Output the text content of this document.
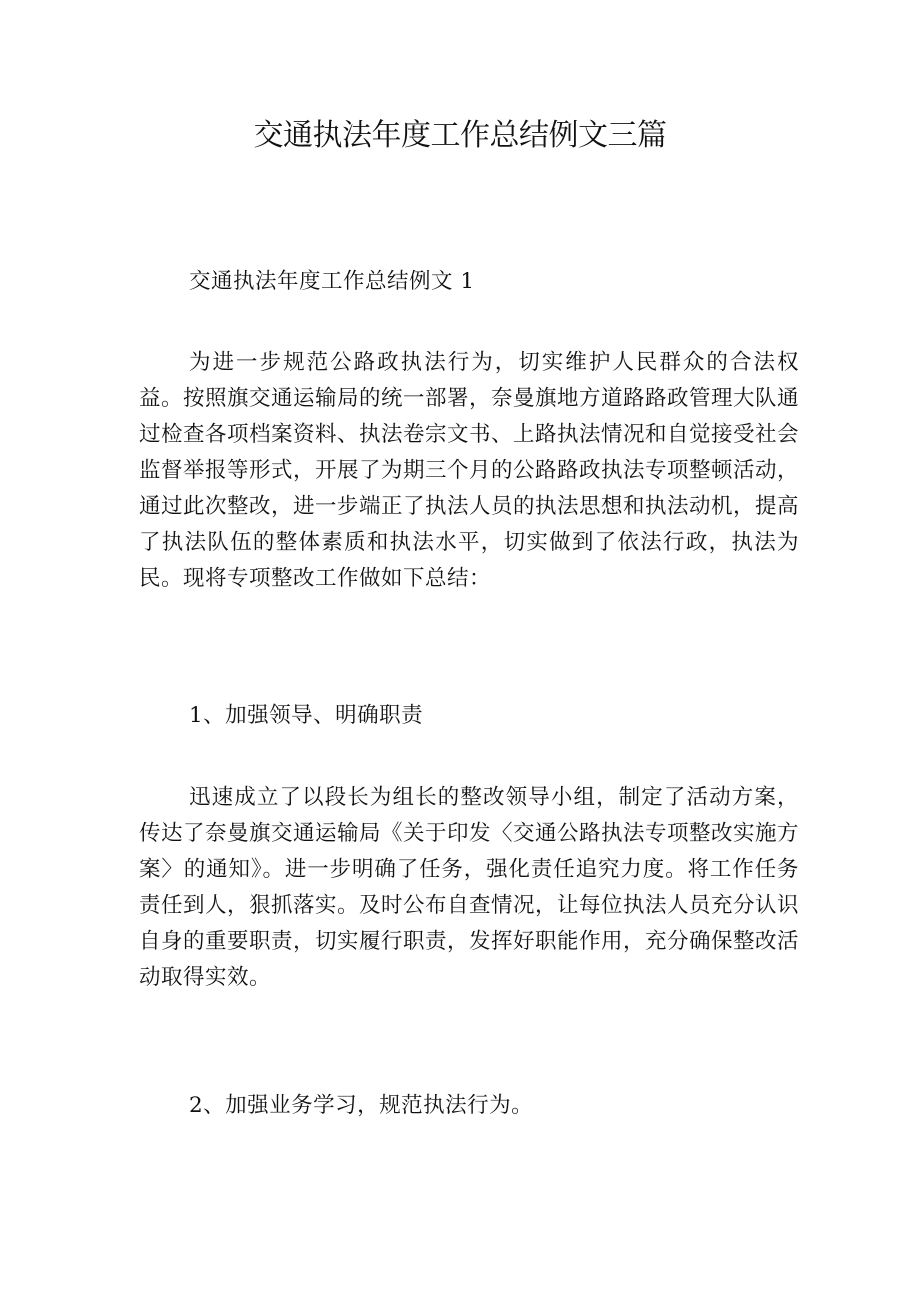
交通执法年度工作总结例文三篇

交通执法年度工作总结例文 1

为进一步规范公路政执法行为，切实维护人民群众的合法权益。按照旗交通运输局的统一部署，奈曼旗地方道路路政管理大队通过检查各项档案资料、执法卷宗文书、上路执法情况和自觉接受社会监督举报等形式，开展了为期三个月的公路路政执法专项整顿活动，通过此次整改，进一步端正了执法人员的执法思想和执法动机，提高了执法队伍的整体素质和执法水平，切实做到了依法行政，执法为民。现将专项整改工作做如下总结：

1、加强领导、明确职责

迅速成立了以段长为组长的整改领导小组，制定了活动方案，传达了奈曼旗交通运输局《关于印发〈交通公路执法专项整改实施方案〉的通知》。进一步明确了任务，强化责任追究力度。将工作任务责任到人，狠抓落实。及时公布自查情况，让每位执法人员充分认识自身的重要职责，切实履行职责，发挥好职能作用，充分确保整改活动取得实效。

2、加强业务学习，规范执法行为。
